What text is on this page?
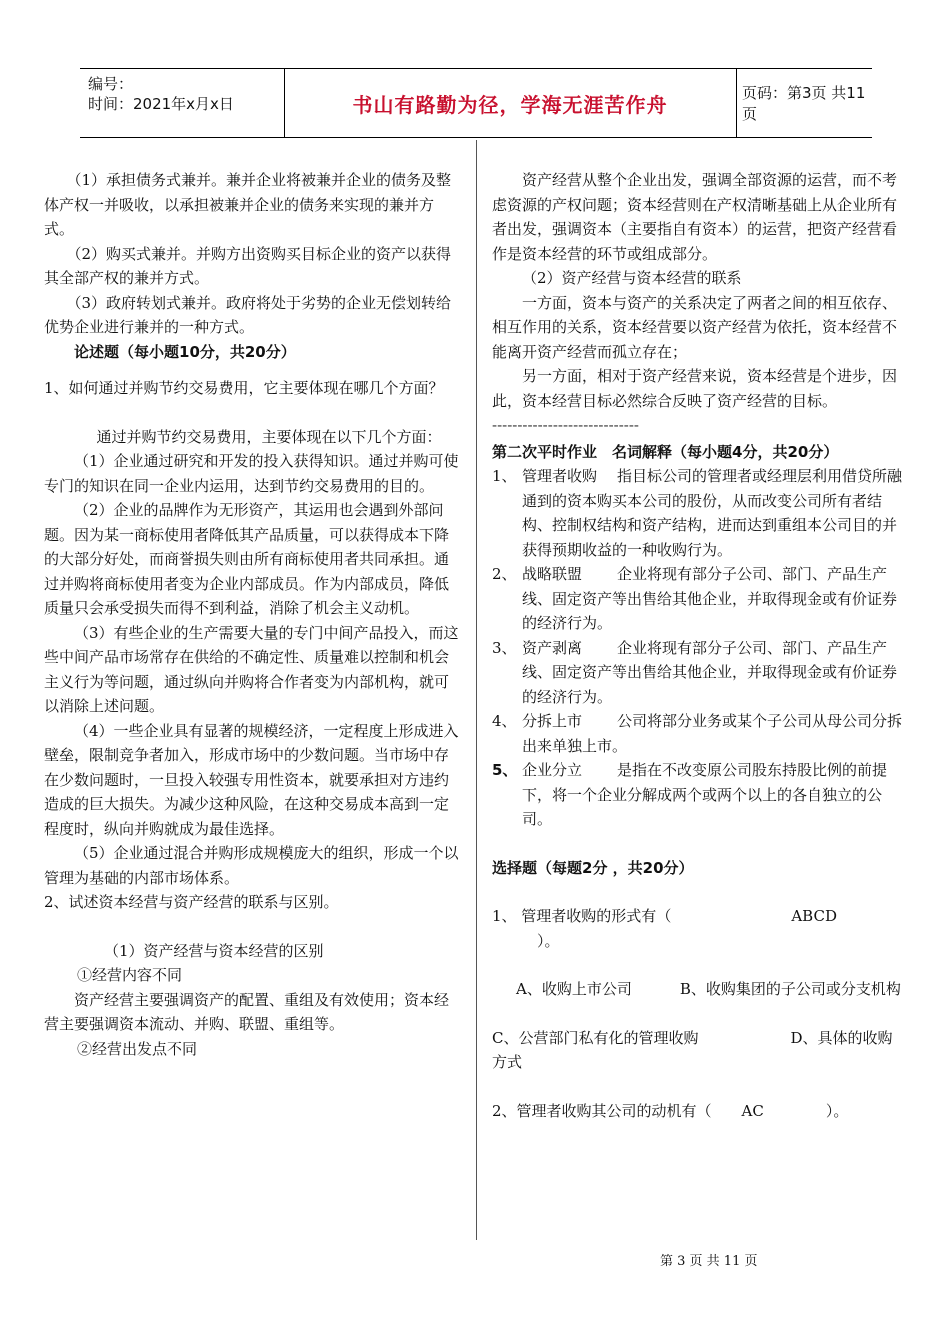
编号：
时间：2021年x月x日	书山有路勤为径，学海无涯苦作舟	页码：第3页 共11页

（1）承担债务式兼并。兼并企业将被兼并企业的债务及整体产权一并吸收，以承担被兼并企业的债务来实现的兼并方式。

（2）购买式兼并。并购方出资购买目标企业的资产以获得其全部产权的兼并方式。

（3）政府转划式兼并。政府将处于劣势的企业无偿划转给优势企业进行兼并的一种方式。

论述题（每小题10分，共20分）

1、如何通过并购节约交易费用，它主要体现在哪几个方面？

通过并购节约交易费用，主要体现在以下几个方面：

（1）企业通过研究和开发的投入获得知识。通过并购可使专门的知识在同一企业内运用，达到节约交易费用的目的。

（2）企业的品牌作为无形资产，其运用也会遇到外部问题。因为某一商标使用者降低其产品质量，可以获得成本下降的大部分好处，而商誉损失则由所有商标使用者共同承担。通过并购将商标使用者变为企业内部成员。作为内部成员，降低质量只会承受损失而得不到利益，消除了机会主义动机。

（3）有些企业的生产需要大量的专门中间产品投入，而这些中间产品市场常存在供给的不确定性、质量难以控制和机会主义行为等问题，通过纵向并购将合作者变为内部机构，就可以消除上述问题。

（4）一些企业具有显著的规模经济，一定程度上形成进入壁垒，限制竞争者加入，形成市场中的少数问题。当市场中存在少数问题时，一旦投入较强专用性资本，就要承担对方违约造成的巨大损失。为减少这种风险，在这种交易成本高到一定程度时，纵向并购就成为最佳选择。

（5）企业通过混合并购形成规模庞大的组织，形成一个以管理为基础的内部市场体系。

2、试述资本经营与资产经营的联系与区别。

（1）资产经营与资本经营的区别

①经营内容不同

资产经营主要强调资产的配置、重组及有效使用；资本经营主要强调资本流动、并购、联盟、重组等。

②经营出发点不同

资产经营从整个企业出发，强调全部资源的运营，而不考虑资源的产权问题；资本经营则在产权清晰基础上从企业所有者出发，强调资本（主要指自有资本）的运营，把资产经营看作是资本经营的环节或组成部分。

（2）资产经营与资本经营的联系

一方面，资本与资产的关系决定了两者之间的相互依存、相互作用的关系，资本经营要以资产经营为依托，资本经营不能离开资产经营而孤立存在；

另一方面，相对于资产经营来说，资本经营是个进步，因此，资本经营目标必然综合反映了资产经营的目标。

-----------------------------

第二次平时作业　名词解释（每小题4分，共20分）

1、 管理者收购 指目标公司的管理者或经理层利用借贷所融通到的资本购买本公司的股份，从而改变公司所有者结构、控制权结构和资产结构，进而达到重组本公司目的并获得预期收益的一种收购行为。
2、 战略联盟 企业将现有部分子公司、部门、产品生产线、固定资产等出售给其他企业，并取得现金或有价证券的经济行为。
3、 资产剥离 企业将现有部分子公司、部门、产品生产线、固定资产等出售给其他企业，并取得现金或有价证券的经济行为。
4、 分拆上市 公司将部分业务或某个子公司从母公司分拆出来单独上市。
5、 企业分立 是指在不改变原公司股东持股比例的前提下，将一个企业分解成两个或两个以上的各自独立的公司。

选择题（每题2分 ，共20分）

1、 管理者收购的形式有（	ABCD
）。

A、收购上市公司	B、收购集团的子公司或分支机构

C、公营部门私有化的管理收购	D、具体的收购方式

2、管理者收购其公司的动机有（ AC	）。

第 3 页 共 11 页
